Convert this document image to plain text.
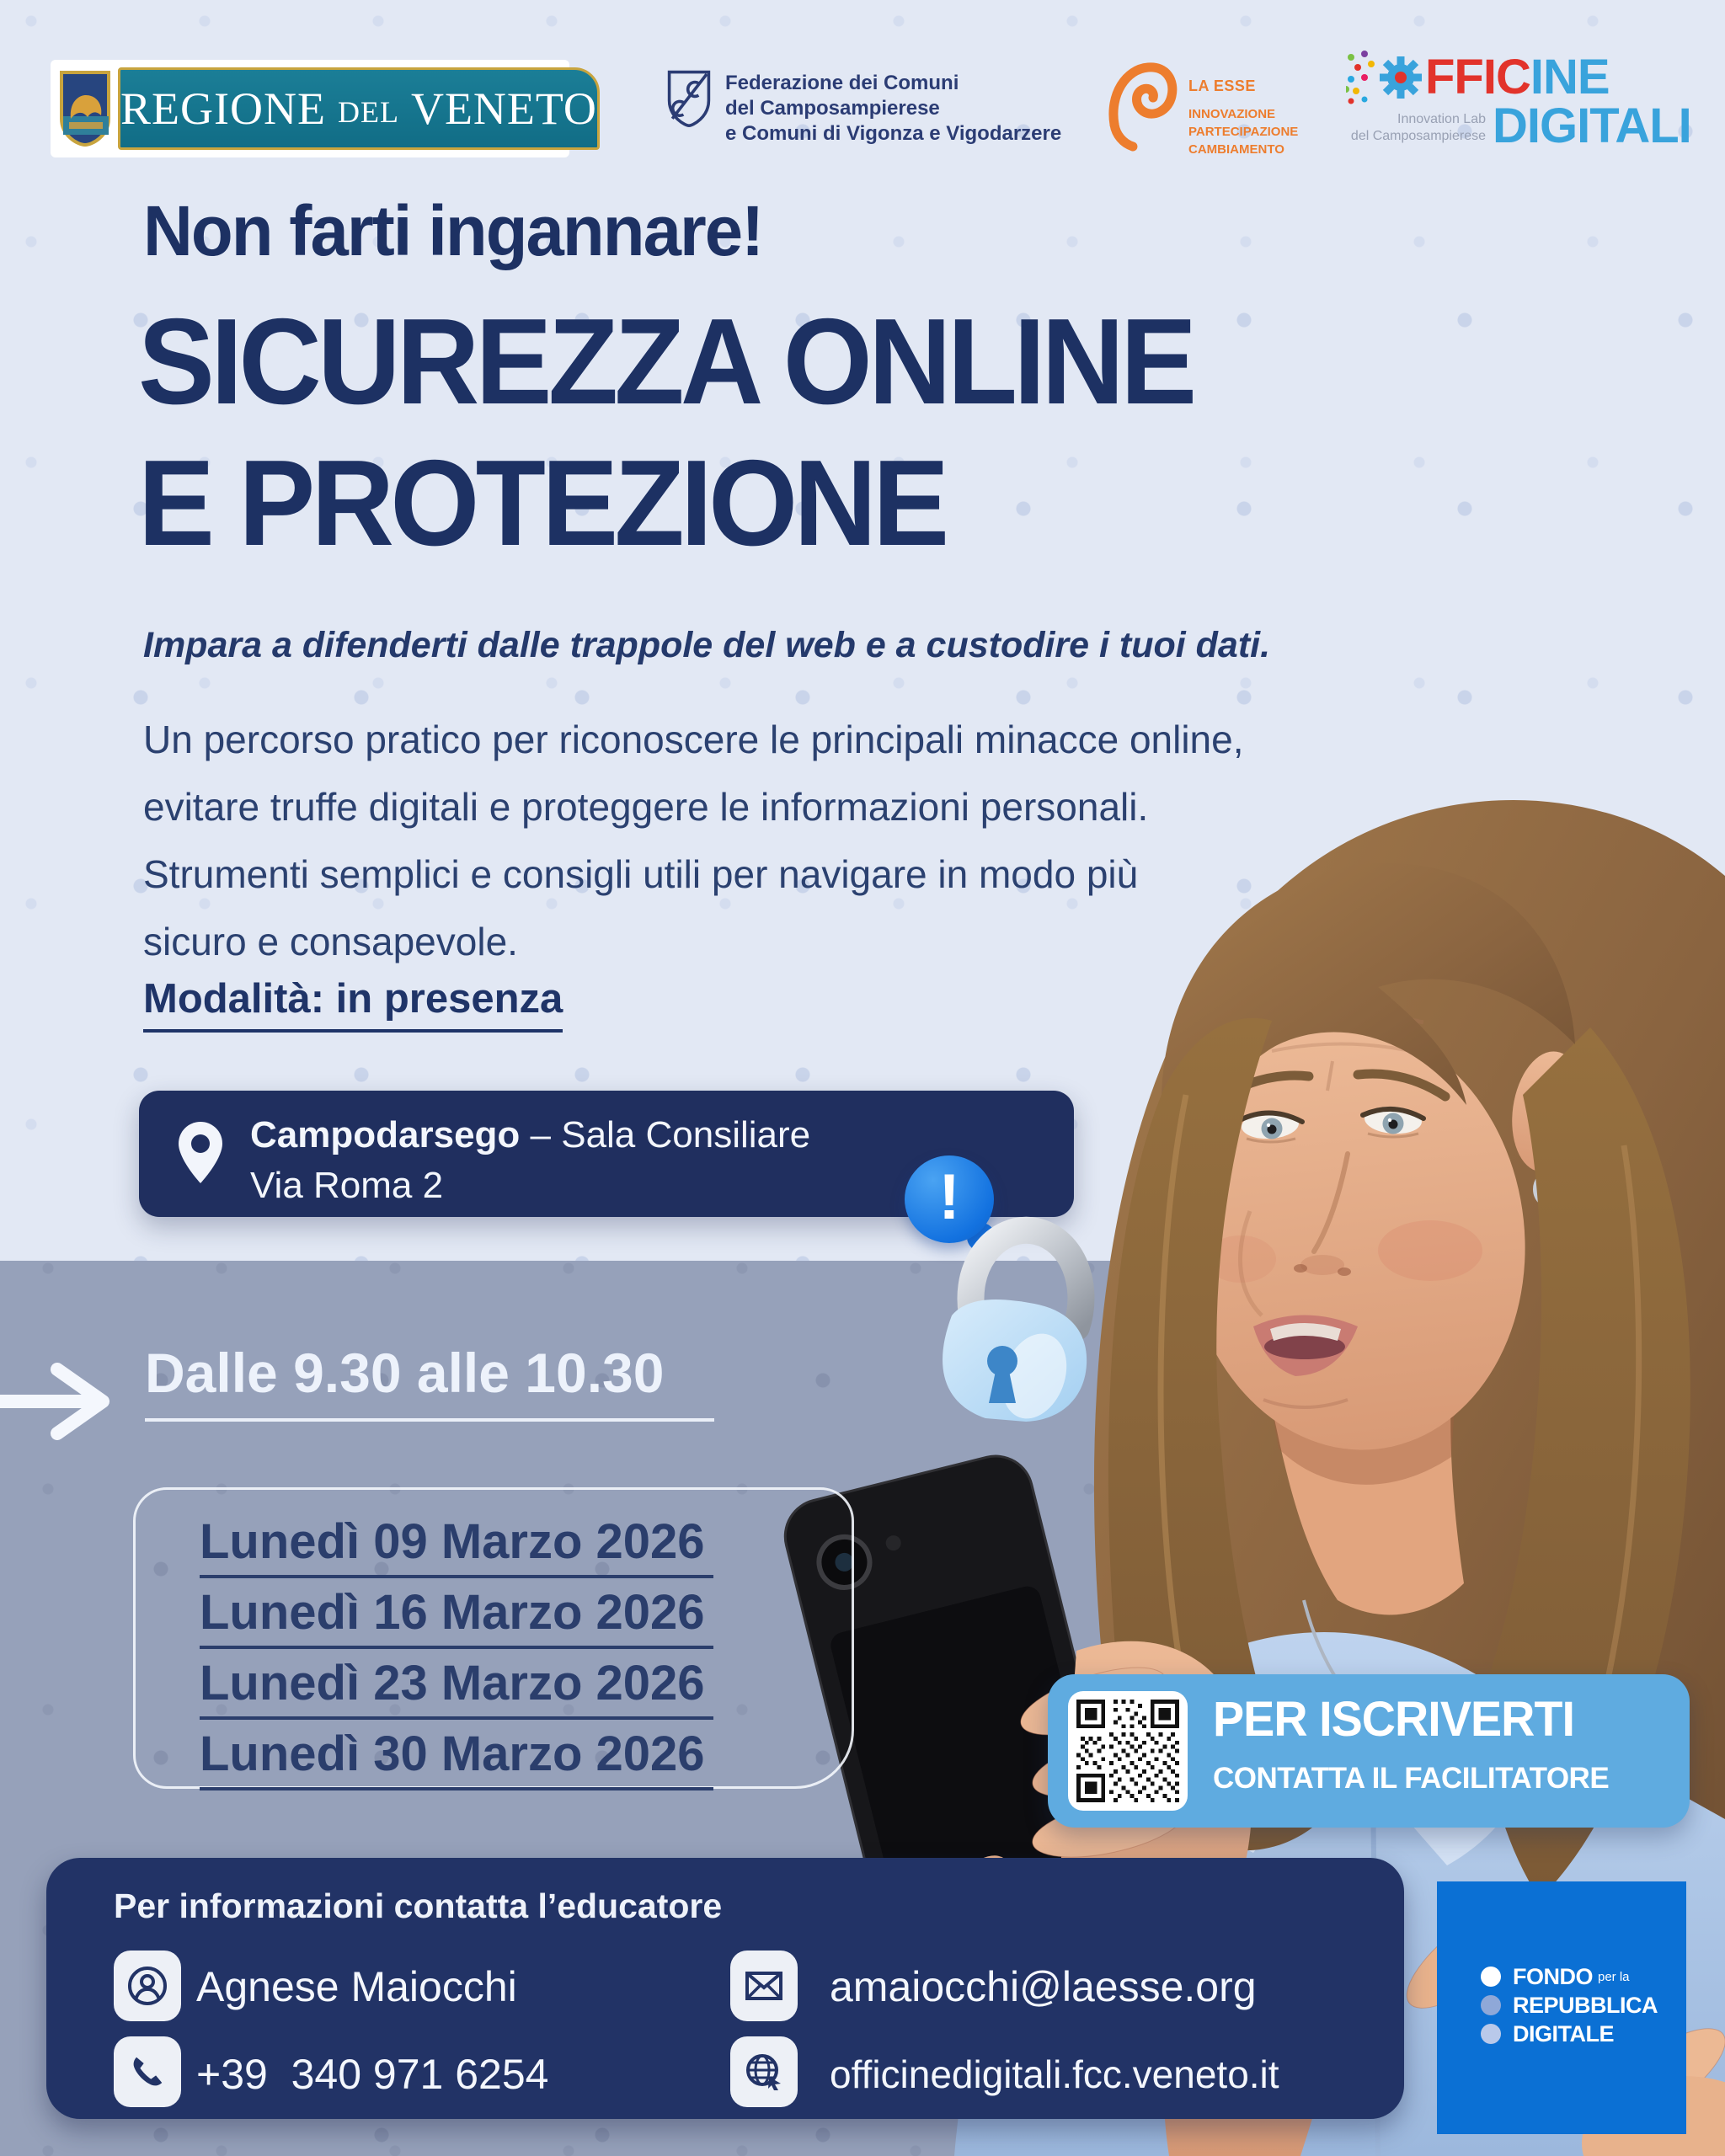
REGIONE DEL VENETO
Federazione dei Comuni
del Camposampierese
e Comuni di Vigonza e Vigodarzere
LA ESSE
INNOVAZIONE
PARTECIPAZIONE
CAMBIAMENTO
FFIC INE
Innovation Lab
del Camposampierese DIGITALI
Non farti ingannare!
SICUREZZA ONLINE
E PROTEZIONE
Impara a difenderti dalle trappole del web e a custodire i tuoi dati.
Un percorso pratico per riconoscere le principali minacce online,
evitare truffe digitali e proteggere le informazioni personali.
Strumenti semplici e consigli utili per navigare in modo più
sicuro e consapevole.
Modalità: in presenza
Campodarsego – Sala Consiliare
Via Roma 2	!
Dalle 9.30 alle 10.30
Lunedì 09 Marzo 2026
Lunedì 16 Marzo 2026
Lunedì 23 Marzo 2026
Lunedì 30 Marzo 2026
PER ISCRIVERTI
CONTATTA IL FACILITATORE
Per informazioni contatta l’educatore
Agnese Maiocchi
+39  340 971 6254
amaiocchi@laesse.org
officinedigitali.fcc.veneto.it
FONDO per la
REPUBBLICA
DIGITALE
